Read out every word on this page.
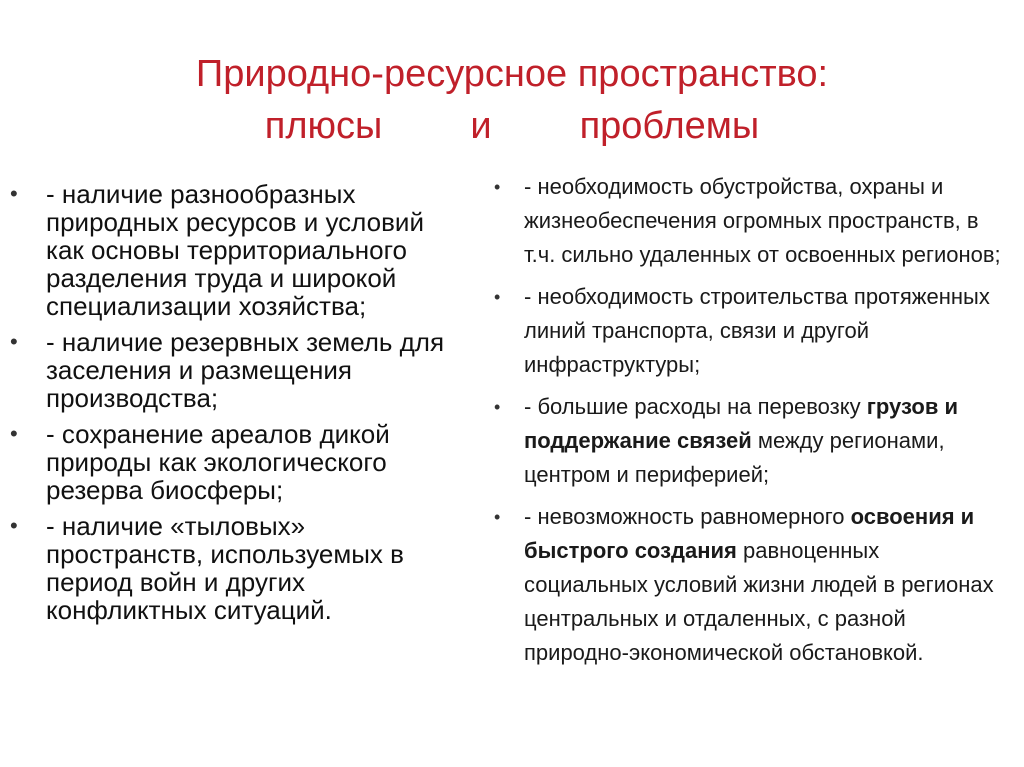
Природно-ресурсное пространство:
плюсы и проблемы
• - наличие разнообразных природных ресурсов и условий как основы территориального разделения труда и широкой специализации хозяйства;
• - наличие резервных земель для заселения и размещения производства;
• - сохранение ареалов дикой природы как экологического резерва биосферы;
• - наличие «тыловых» пространств, используемых в период войн и других конфликтных ситуаций.
• - необходимость обустройства, охраны и жизнеобеспечения огромных пространств, в т.ч. сильно удаленных от освоенных регионов;
• - необходимость строительства протяженных линий транспорта, связи и другой инфраструктуры;
• - большие расходы на перевозку грузов и поддержание связей между регионами, центром и периферией;
• - невозможность равномерного освоения и быстрого создания равноценных социальных условий жизни людей в регионах центральных и отдаленных, с разной природно-экономической обстановкой.
